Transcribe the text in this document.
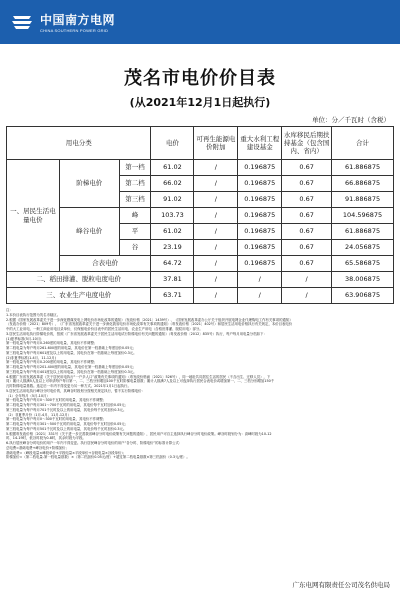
中国南方电网
CHINA SOUTHERN POWER GRID
茂名市电价价目表
(从2021年12月1日起执行)
单位：分／千瓦时（含税）
用电分类			电价	可再生能源电价附加	重大水利工程建设基金	水库移民后期扶持基金（包含国内、省内）	合计
一、居民生活电量电价	阶梯电价	第一档	61.02	/	0.196875	0.67	61.886875
		第二档	66.02	/	0.196875	0.67	66.886875
		第三档	91.02	/	0.196875	0.67	91.886875
	峰谷电价	峰	103.73	/	0.196875	0.67	104.596875
		平	61.02	/	0.196875	0.67	61.886875
		谷	23.19	/	0.196875	0.67	24.056875
	合表电价		64.72	/	0.196875	0.67	65.586875
二、稻田排灌、脱粒电度电价			37.81	/	/	/	38.006875
三、农业生产电度电价			63.71	/	/	/	63.906875
注：
1.本价目表执行范围为茂名市辖区。
2.根据《国家发展改革委关于进一步深化燃煤发电上网电价市场化改革的通知》（发改价格〔2021〕1439号）、《国家发展改革委办公厅关于组织开展电网企业代理购电工作有关事项的通知》
（发改办价格〔2021〕809号）、《广东省发展改革委关于进一步深化我省电价市场化改革有关事项的通知》（粤发改价格〔2021〕402号）和居民生活用电价格执行有关规定，本价目表电价
中的大工业用电、一般工商业用电目录单价，仅保留电价价目表中的居民生活用电、农业生产用电（含稻田排灌、脱粒用电）部分。
3.居民生活用电执行阶梯电价的，按照《广东省发展改革委关于居民生活用电试行阶梯电价有关问题的通知》（粤发改价格〔2012〕835号）执行，每户每月用电量分档如下：
(1)夏季标准(5月-10月)
第一档电量为每户每月0-260度的用电量，其电价不作调整；
第二档电量为每户每月261-600度的用电量，其电价在第一档基础上每度加价0.05元；
第三档电量为每户每月601度及以上的用电量，其电价在第一档基础上每度加价0.3元。
(2)非夏季标准(1-4月、11-12月)
第一档电量为每户每月0-200度的用电量，其电价不作调整；
第二档电量为每户每月201-400度的用电量，其电价在第一档基础上每度加价0.05元；
第三档电量为每户每月401度及以上的用电量，其电价在第一档基础上每度加价0.3元。
4.根据广东省发展改革委《关于居民用电执行“一户多人口”政策有关事项的通知》（粤发改价格函〔2021〕526号），同一地址共同居住生活的居民（不含出生、迁移人员），下
同）累计人数满5人及以上可申请每户每月第一、二、三档分别增加100千瓦时阶梯电量基数；累计人数满7人及以上可选择执行居民合表电价或增加第一、二、三档分别增加150千
瓦时阶梯电量基数。选定后一年内不得变更为另一种方式。2021年1月1日起执行。
5.居民生活用电执行峰谷分时电价的，其峰谷时段划分按相关规定执行，暂不实行阶梯电价：
（1）全年每月（5月-10月）
第一档电量为每户每月0～300千瓦时的用电量，其电价不作调整；
第二档电量为每户每月301～700千瓦时的用电量，其电价每千瓦时加价0.05元；
第三档电量为每户每月701千瓦时及以上的用电量，其电价每千瓦时加价0.3元。
（2）非夏季月份（1月-4月、11月-12月）
第一档电量为每户每月0～300千瓦时的用电量，其电价不作调整；
第二档电量为每户每月301～500千瓦时的用电量，其电价每千瓦时加价0.05元；
第三档电量为每户每月501千瓦时及以上的用电量，其电价每千瓦时加价0.3元。
5.根据粤发改价格〔2021〕331号《关于进一步完善我省峰谷分时电价政策有关问题的通知》，居民用户可自主选择执行峰谷分时电价政策。峰谷时段划分为：高峰时段为10-12
时、14-19时，低谷时段为0-8时，其余时段为平段。
6.执行居民峰谷分时电价的用户一年内不得变更。执行居民峰谷分时电价的用户“各分时、阶梯电价”的标准计算公式：
总电费=基础电费+峰谷电价+阶梯加价；
基础电费=（峰段电量×峰段单价+平段电量×平段单价+谷段电量×谷段单价）；
阶梯加价=（第二档电量-第一档电量基数）×（第二档加价0.05元/度）+超过第二档电量基数×第三档加价（0.3元/度）。
广东电网有限责任公司茂名供电局
